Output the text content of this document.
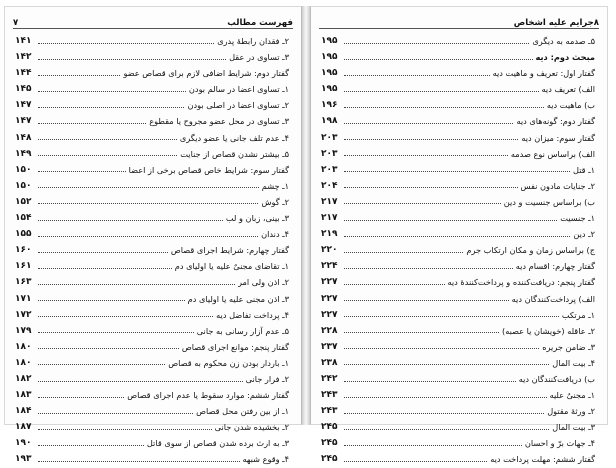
فهرست مطالب
۷
۲ـ فقدان رابطهٔ پدری
۱۴۱
۳ـ تساوی در عقل
۱۴۲
گفتار دوم: شرایط اضافی لازم برای قصاص عضو
۱۴۴
۱ـ تساوی اعضا در سالم بودن
۱۴۵
۲ـ تساوی اعضا در اصلی بودن
۱۴۷
۳ـ تساوی در محل عضو مجروح یا مقطوع
۱۴۷
۴ـ عدم تلف جانی یا عضو دیگری
۱۴۸
۵ـ بیشتر نشدن قصاص از جنایت
۱۴۹
گفتار سوم: شرایط خاص قصاص برخی از اعضا
۱۵۰
۱ـ چشم
۱۵۰
۲ـ گوش
۱۵۲
۳ـ بینی، زبان و لب
۱۵۴
۴ـ دندان
۱۵۵
گفتار چهارم: شرایط اجرای قصاص
۱۶۰
۱ـ تقاضای مجنیٌ علیه یا اولیای دم
۱۶۱
۲ـ اذن ولی امر
۱۶۳
۳ـ اذن مجنی علیه یا اولیای دم
۱۷۱
۴ـ پرداخت تفاضل دیه
۱۷۲
۵ـ عدم آزار رسانی به جانی
۱۷۹
گفتار پنجم: موانع اجرای قصاص
۱۸۰
۱ـ باردار بودن زن محکوم به قصاص
۱۸۰
۲ـ فرار جانی
۱۸۲
گفتار ششم: موارد سقوط یا عدم اجرای قصاص
۱۸۳
۱ـ از بین رفتن محل قصاص
۱۸۴
۲ـ بخشیده شدن جانی
۱۸۷
۳ـ به ارث برده شدن قصاص از سوی قاتل
۱۹۰
۴ـ وقوع شبهه
۱۹۳
۸جرایم علیه اشخاص
۵ـ صدمه به دیگری
۱۹۵
مبحث دوم: دیه
۱۹۵
گفتار اول: تعریف و ماهیت دیه
۱۹۵
الف) تعریف دیه
۱۹۵
ب) ماهیت دیه
۱۹۶
گفتار دوم: گونه‌های دیه
۱۹۸
گفتار سوم: میزان دیه
۲۰۳
الف) براساس نوع صدمه
۲۰۳
۱ـ قتل
۲۰۳
۲ـ جنایات مادون نفس
۲۰۴
ب) براساس جنسیت و دین
۲۱۷
۱ـ جنسیت
۲۱۷
۲ـ دین
۲۱۹
ج) براساس زمان و مکان ارتکاب جرم
۲۲۰
گفتار چهارم: اقسام دیه
۲۲۴
گفتار پنجم: دریافت‌کننده و پرداخت‌کنندهٔ دیه
۲۲۷
الف) پرداخت‌کنندگان دیه
۲۲۷
۱ـ مرتکب
۲۲۷
۲ـ عاقله (خویشان یا عصبه)
۲۲۸
۳ـ ضامن جریره
۲۳۷
۴ـ بیت المال
۲۳۸
ب) دریافت‌کنندگان دیه
۲۴۲
۱ـ مجنیٌ علیه
۲۴۳
۲ـ ورثهٔ مقتول
۲۴۳
۳ـ بیت المال
۲۴۵
۴ـ جهات برّ و احسان
۲۴۵
گفتار ششم: مهلت پرداخت دیه
۲۴۵
